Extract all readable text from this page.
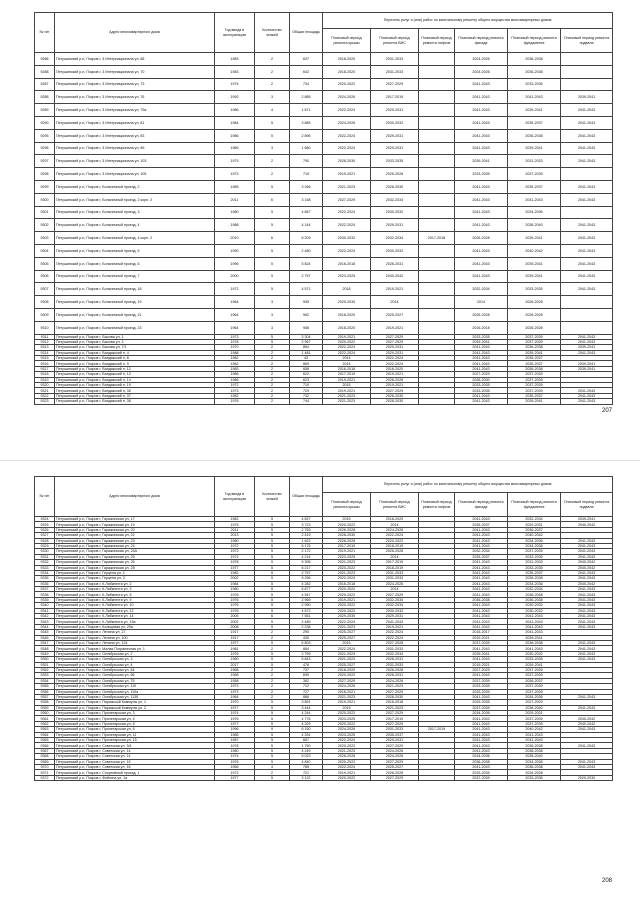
№ п/п	Адрес многоквартирного дома	Год ввода в эксплуатацию	Количество этажей	Общая площадь	Перечень услуг и (или) работ по капитальному ремонту общего имущества многоквартирных домов					
					Плановый период ремонта крыши	Плановый период ремонта ВИС	Плановый период ремонта лифтов	Плановый период ремонта фасада	Плановый период ремонта фундамента	Плановый период ремонта подвала
9286	Петушинский р-н, Покров г, 3 Интернационала ул, 68	1983	2	637	2018-2020	2031-2033		2024-2026	2036-2038	
9288	Петушинский р-н, Покров г, 3 Интернационала ул, 70	1983	2	642	2018-2020	2031-2033		2024-2026	2036-2038	
9287	Петушинский р-н, Покров г, 3 Интернационала ул, 73	1974	2	734	2020-2022	2027-2029		2041-2043	2033-2035	
9288	Петушинский р-н, Покров г, 3 Интернационала ул, 76	1992	3	2 885	2024-2026	2017-2019		2041-2043	2041-2043	2039-2041
9289	Петушинский р-н, Покров г, 3 Интернационала ул, 79а	1986	4	1 871	2022-2024	2029-2031		2041-2043	2039-2041	2041-2043
9290	Петушинский р-н, Покров г, 3 Интернационала ул, 81	1984	5	3 885	2024-2026	2030-2032		2041-2043	2035-2037	2041-2043
9295	Петушинский р-н, Покров г, 3 Интернационала ул, 83	1986	5	2 896	2022-2024	2029-2031		2041-2043	2036-2038	2041-2043
9296	Петушинский р-н, Покров г, 3 Интернационала ул, 89	1989	3	1 680	2022-2024	2029-2031		2041-2043	2039-2041	2041-2043
9297	Петушинский р-н, Покров г, 3 Интернационала ул, 103	1979	2	790	2028-2030	2033-2035		2039-2041	2031-2033	2041-2043
9298	Петушинский р-н, Покров г, 3 Интернационала ул, 105	1973	2	715	2019-2021	2026-2028		2033-2035	2037-2039	
9299	Петушинский р-н, Покров г, Больничный проезд, 2	1985	5	3 266	2021-2023	2028-2030		2041-2043	2035-2037	2041-2043
9300	Петушинский р-н, Покров г, Больничный проезд, 2 корп. 2	2011	6	3 158	2027-2029	2032-2034		2041-2043	2041-2043	2041-2043
9301	Петушинский р-н, Покров г, Больничный проезд, 3	1980	5	4 867	2022-2024	2030-2032		2041-2043	2034-2036	
9302	Петушинский р-н, Покров г, Больничный проезд, 4	1988	5	4 144	2022-2024	2029-2031		2041-2043	2038-2040	2041-2043
9303	Петушинский р-н, Покров г, Больничный проезд, 4 корп. 2	2010	6	6 209	2030-2032	2032-2034	2017-2018	2026-2028	2039-2041	2041-2043
9304	Петушинский р-н, Покров г, Больничный проезд, 5	1990	5	2 480	2022-2024	2030-2032		2041-2043	2040-2042	2041-2043
9305	Петушинский р-н, Покров г, Больничный проезд, 6	1996	5	5 824	2016-2018	2026-2031		2041-2043	2039-2041	2041-2043
9306	Петушинский р-н, Покров г, Больничный проезд, 7	2000	5	2 757	2023-2025	2040-2042		2041-2043	2039-2041	2041-2043
9307	Петушинский р-н, Покров г, Больничный проезд, 18	1972	5	4 571	2018	2019-2021		2032-2034	2033-2035	2041-2043
9308	Петушинский р-н, Покров г, Больничный проезд, 19	1964	3	955	2029-2030	2014		2014	2026-2028	
9309	Петушинский р-н, Покров г, Больничный проезд, 21	1964	3	962	2018-2020	2025-2027		2026-2028	2026-2028	
9310	Петушинский р-н, Покров г, Больничный проезд, 23	1964	3	958	2018-2020	2019-2021		2016-2018	2026-2028	
9311	Петушинский р-н, Покров г, Быкова ул, 1	1973	5	3 304	2019-2021	2027-2029		2033-2035	2037-2039	2041-2043
9312	Петушинский р-н, Покров г, Быкова ул, 3	1978	5	2 967	2020-2022	2027-2029		2039-2041	2037-2039	2041-2043
9313	Петушинский р-н, Покров г, Быкова ул, 7/1	1970	2	864	2022-2024	2029-2031		2041-2043	2036-2038	2039-2041
9314	Петушинский р-н, Покров г, Вандакский п, 4	1988	2	1 481	2022-2024	2029-2031		2041-2043	2039-2041	2041-2043
9315	Петушинский р-н, Покров г, Вандакский п, 8	1982	2	43	2014	2022-2024		2041-2043	2035-2037	
9316	Петушинский р-н, Покров г, Вандакский п, 9	1982	2	869	2014	2022-2024		2041-2043	2035-2037	2039-2041
9317	Петушинский р-н, Покров г, Вандакский п, 12	1983	2	658	2016-2018	2018-2020		2041-2043	2036-2038	2039-2041
9318	Петушинский р-н, Покров г, Вандакский п, 13	1986	2	622	2017-2019	2019-2021		2027-2029	2037-2039	
9319	Петушинский р-н, Покров г, Вандакский п, 14	1986	2	623	2019-2021	2026-2028		2028-2030	2037-2039	
9320	Петушинский р-н, Покров г, Вандакский п, 19	1972	2	710	2015	2019-2021		2033-2035	2037-2039	
9321	Петушинский р-н, Покров г, Вандакский п, 35	1973	2	729	2019-2021	2027-2029		2033-2035	2037-2039	2041-2043
9322	Петушинский р-н, Покров г, Вандакский п, 37	1982	2	732	2021-2023	2028-2030		2041-2043	2035-2037	2041-2043
9323	Петушинский р-н, Покров г, Вандакский п, 38	1976	2	744	2021-2023	2028-2030		2041-2043	2039-2041	2041-2043
207
№ п/п	Адрес многоквартирного дома	Год ввода в эксплуатацию	Количество этажей	Общая площадь	Перечень услуг и (или) работ по капитальному ремонту общего имущества многоквартирных домов					
					Плановый период ремонта крыши	Плановый период ремонта ВИС	Плановый период ремонта лифтов	Плановый период ремонта фасада	Плановый период ремонта фундамента	Плановый период ремонта подвала
9324	Петушинский р-н, Покров г, Гаражинская ул, 17	1982	5	4 827	2015	2018-2020		2041-2043	2032-2034	2039-2041
9325	Петушинский р-н, Покров г, Гаражинская ул, 19	1975	5	3 723	2020-2022	2014		2035-2037	2029-2031	2040-2042
9326	Петушинский р-н, Покров г, Гаражинская ул, 20	2011	5	2 763	2026-2028	2024-2026		2041-2043	2036-2037	
9327	Петушинский р-н, Покров г, Гаражинская ул, 22	2013	5	2 419	2028-2030	2022-2024		2041-2043	2040-2042	
9328	Петушинский р-н, Покров г, Гаражинская ул, 23	1980	5	1 622	2026-2028	2020-2022		2041-2043	2034-2036	2041-2043
9329	Петушинский р-н, Покров г, Гаражинская ул, 24	1972	5	6 176	2017-2019	2018-2019		2041-2043	2034-2036	2041-2043
9330	Петушинский р-н, Покров г, Гаражинская ул, 24А	1973	5	2 172	2019-2021	2026-2028		2032-2034	2037-2039	2041-2043
9331	Петушинский р-н, Покров г, Гаражинская ул, 25	1972	5	4 214	2023-2025	2014		2035-2037	2033-2035	2041-2043
9332	Петушинский р-н, Покров г, Гаражинская ул, 26	1978	5	5 395	2021-2023	2017-2019		2041-2043	2031-2033	2040-2042
9333	Петушинский р-н, Покров г, Гаражинская ул, 28	1977	5	6 217	2020-2022	2018-2019		2041-2043	2033-2035	2040-2042
9334	Петушинский р-н, Покров г, Герцена ул, 1	1982	5	2 757	2021-2023	2031-2033		2041-2043	2035-2037	2041-2043
9335	Петушинский р-н, Покров г, Герцена ул, 2	2002	5	5 256	2022-2024	2031-2033		2041-2043	2036-2038	2041-2043
9336	Петушинский р-н, Покров г, К.Либкнехта ул, 2	1984	5	4 282	2016-2018	2024-2026		2041-2043	2034-2036	2040-2042
9337	Петушинский р-н, Покров г, К.Либкнехта ул, 3	1980	5	6 877	2020-2022	2014		2041-2043	2032-2034	2041-2043
9338	Петушинский р-н, Покров г, К.Либкнехта ул, 5	1976	5	4 547	2020-2022	2027-2029		2041-2043	2036-2038	2041-2043
9339	Петушинский р-н, Покров г, К.Либкнехта ул, 9	1976	5	2 969	2019-2021	2032-2034		2036-2038	2036-2038	2041-2043
9340	Петушинский р-н, Покров г, К.Либкнехта ул, 10	1976	5	2 950	2020-2022	2032-2034		2041-2043	2030-2032	2041-2043
9341	Петушинский р-н, Покров г, К.Либкнехта ул, 12	1976	5	4 572	2020-2022	2030-2032		2041-2043	2030-2032	2041-2043
9342	Петушинский р-н, Покров г, К.Либкнехта ул, 14	2005	6	7 551	2029-2030	2029-2031		2041-2043	2041-2043	2041-2043
9343	Петушинский р-н, Покров г, К.Либкнехта ул, 19а	2002	5	2 489	2022-2024	2041-2043		2041-2043	2041-2043	2041-2043
9344	Петушинский р-н, Покров г, Кольцевая ул, 29а	2008	5	2 238	2021-2023	2019-2021		2041-2043	2041-2043	2041-2043
9345	Петушинский р-н, Покров г, Ленина ул, 27	1917	2	290	2025-2027	2022-2024		2016-2017	2041-2043	
9346	Петушинский р-н, Покров г, Ленина ул, 100	1917	2	430	2025-2027	2022-2024		2019-2021	2039-2041	
9347	Петушинский р-н, Покров г, Ленина ул, 124	1977	5	5 803	2015	2027-2028		2037-2039	2036-2038	2041-2043
9348	Петушинский р-н, Покров г, Малая Пограничная ул, 1	1981	2	884	2022-2024	2031-2033		2041-2043	2041-2043	2041-2043
9349	Петушинский р-н, Покров г, Октябрьская ул, 2	1976	5	2 759	2021-2023	2032-2034		2039-2041	2030-2032	2041-2043
9350	Петушинский р-н, Покров г, Октябрьская ул, 3	1980	5	5 843	2021-2023	2028-2031		2041-2043	2033-2035	2041-2043
9351	Петушинский р-н, Покров г, Октябрьская ул, 4	2017	5	476	2025-2027	2031-2033		2019-2021	2039-2041	
9352	Петушинский р-н, Покров г, Октябрьская ул, 64	1968	2	737	2018-2020	2026-2028		2027-2029	2037-2039	
9353	Петушинский р-н, Покров г, Октябрьская ул, 66	1968	2	695	2020-2022	2026-2031		2041-2043	2037-2039	
9354	Петушинский р-н, Покров г, Октябрьская ул, 75	1958	2	362	2027-2029	2024-2026		2037-2039	2036-2037	
9355	Петушинский р-н, Покров г, Октябрьская ул, 110	1973	2	712	2024-2026	2021-2023		2033-2035	2037-2039	
9356	Петушинский р-н, Покров г, Октябрьская ул, 110а	1973	2	727	2016-2021	2027-2029		2033-2035	2037-2039	
9357	Петушинский р-н, Покров г, Октябрьская ул, 113б	1984	2	866	2021-2023	2028-2030		2041-2043	2034-2036	2041-2043
9358	Петушинский р-н, Покров г, Парижской Коммуны ул, 1	1970	5	3 891	2019-2021	2016-2018		2033-2035	2027-2029	
9359	Петушинский р-н, Покров г, Парижской Коммуны ул, 2	1977	5	3 444	2015	2021-2023		2037-2039	2038-2040	2041-2043
9360	Петушинский р-н, Покров г, Пролетарская ул, 3	1974	5	4 244	2020-2022	2027-2029		2034-2036	2029-2031	
9361	Петушинский р-н, Покров г, Пролетарская ул, 4	1976	5	4 776	2023-2025	2017-2019		2041-2043	2037-2039	2040-2042
9362	Петушинский р-н, Покров г, Пролетарская ул, 5	1977	5	4 329	2020-2022	2027-2029		2041-2043	2037-2039	2040-2042
9363	Петушинский р-н, Покров г, Пролетарская ул, 6	1996	9	6 150	2024-2026	2031-2033	2017-2019	2041-2043	2040-2042	2041-2043
9364	Петушинский р-н, Покров г, Пролетарская ул, 11	1985	5	4 251	2023-2025	2035-2037		2041-2043	2041-2043	
9365	Петушинский р-н, Покров г, Пролетарская ул, 15	1987	5	667	2022-2024	2029-2031		2041-2043	2041-2043	
9366	Петушинский р-н, Покров г, Советская ул, 3/4	1978	5	1 750	2020-2022	2027-2029		2041-2043	2036-2038	2041-2043
9367	Петушинский р-н, Покров г, Советская ул, 14	1980	5	4 249	2021-2023	2024-2026		2041-2043	2036-2038	
9368	Петушинский р-н, Покров г, Советская ул, 14	1974	5	5 023	2026-2028	2024-2026		2034-2036	2038-2040	
9369	Петушинский р-н, Покров г, Советская ул, 15	1976	5	4 840	2020-2022	2027-2029		2036-2038	2034-2036	2041-2043
9370	Петушинский р-н, Покров г, Советская ул, 16	1966	4	785	2022-2024	2025-2027		2041-2043	2036-2038	2041-2043
9371	Петушинский р-н, Покров г, Спортивный проезд, 1	1972	2	721	2019-2021	2026-2028		2033-2035	2026-2028	
9372	Петушинский р-н, Покров г, Фейгина ул, 1а	1977	5	3 122	2020-2022	2027-2029		2037-2039	2033-2035	2029-2030
208
